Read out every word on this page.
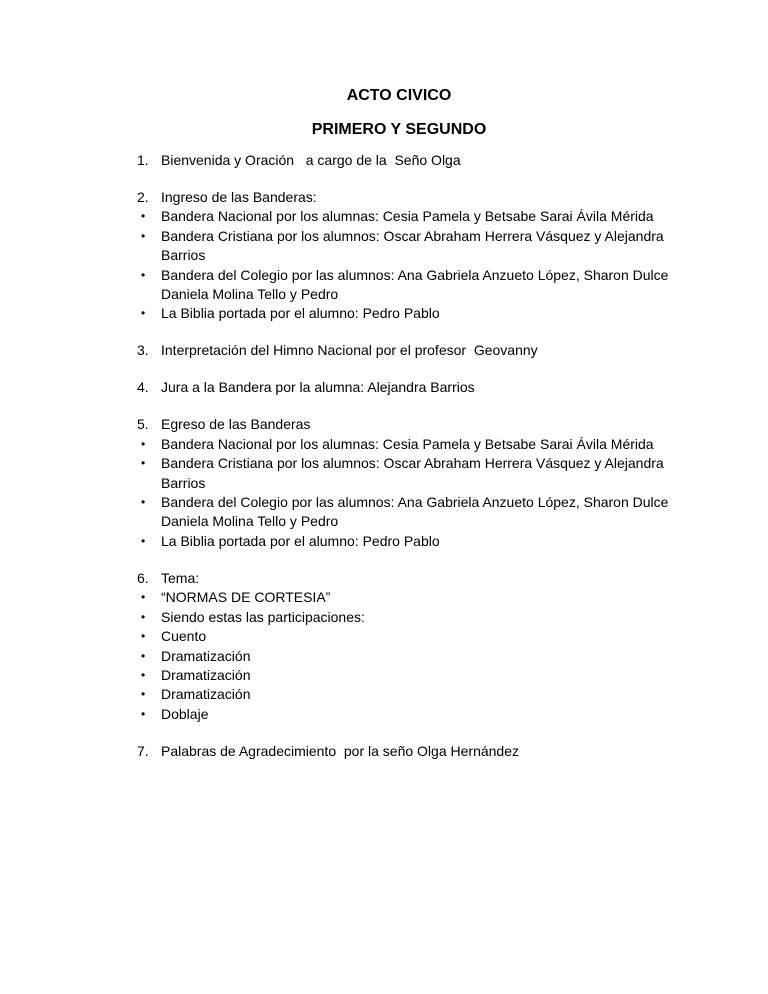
ACTO CIVICO
PRIMERO Y SEGUNDO
1. Bienvenida y Oración   a cargo de la  Seño Olga
2. Ingreso de las Banderas:
• Bandera Nacional por los alumnas: Cesia Pamela y Betsabe Sarai Ávila Mérida
• Bandera Cristiana por los alumnos: Oscar Abraham Herrera Vásquez y Alejandra Barrios
• Bandera del Colegio por las alumnos: Ana Gabriela Anzueto López, Sharon Dulce Daniela Molina Tello y Pedro
• La Biblia portada por el alumno: Pedro Pablo
3. Interpretación del Himno Nacional por el profesor  Geovanny
4. Jura a la Bandera por la alumna: Alejandra Barrios
5. Egreso de las Banderas
• Bandera Nacional por los alumnas: Cesia Pamela y Betsabe Sarai Ávila Mérida
• Bandera Cristiana por los alumnos: Oscar Abraham Herrera Vásquez y Alejandra Barrios
• Bandera del Colegio por las alumnos: Ana Gabriela Anzueto López, Sharon Dulce Daniela Molina Tello y Pedro
• La Biblia portada por el alumno: Pedro Pablo
6. Tema:
• “NORMAS DE CORTESIA”
• Siendo estas las participaciones:
• Cuento
• Dramatización
• Dramatización
• Dramatización
• Doblaje
7. Palabras de Agradecimiento  por la seño Olga Hernández
